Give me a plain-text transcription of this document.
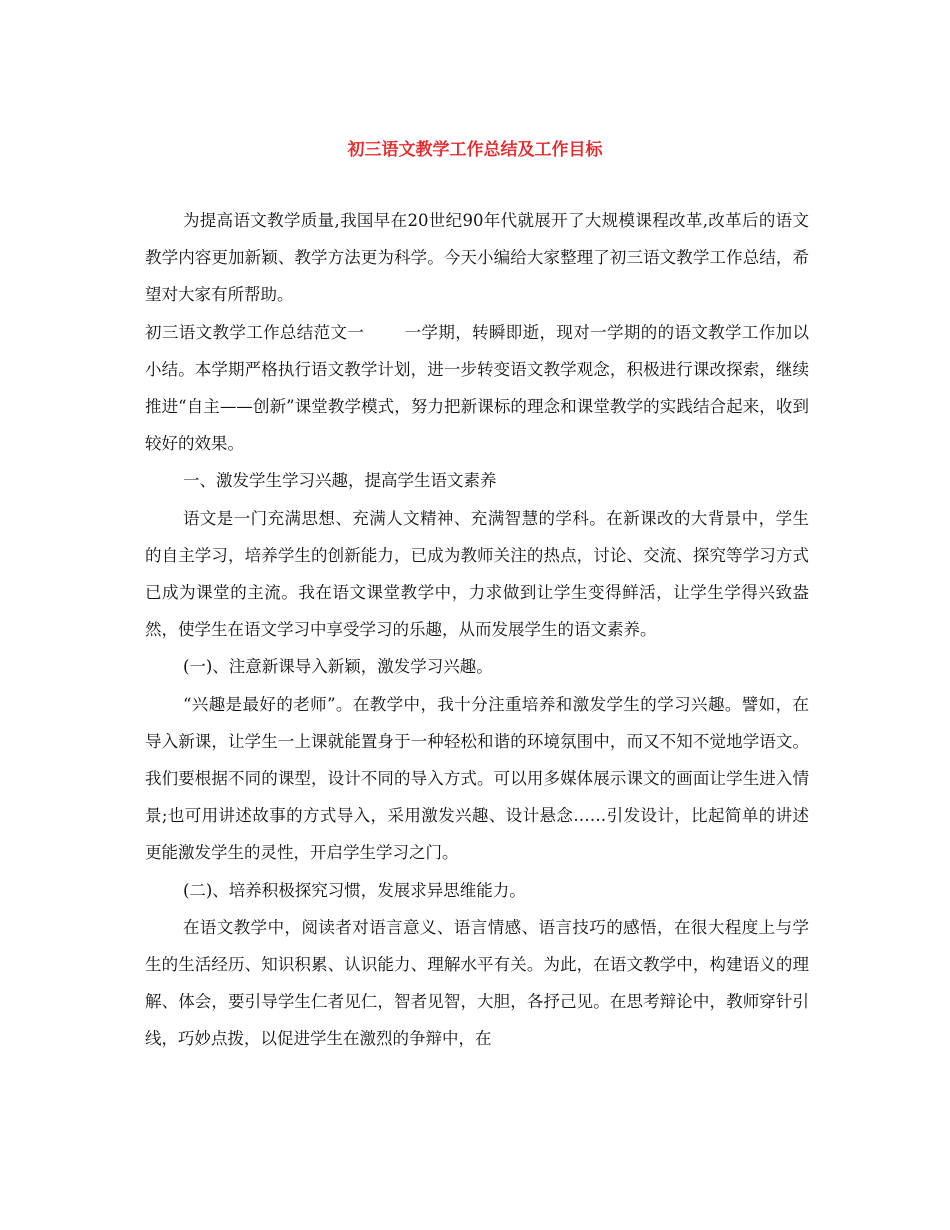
初三语文教学工作总结及工作目标

为提高语文教学质量,我国早在20世纪90年代就展开了大规模课程改革,改革后的语文教学内容更加新颖、教学方法更为科学。今天小编给大家整理了初三语文教学工作总结，希望对大家有所帮助。

初三语文教学工作总结范文一 一学期，转瞬即逝，现对一学期的的语文教学工作加以小结。本学期严格执行语文教学计划，进一步转变语文教学观念，积极进行课改探索，继续推进“自主——创新”课堂教学模式，努力把新课标的理念和课堂教学的实践结合起来，收到较好的效果。

一、激发学生学习兴趣，提高学生语文素养

语文是一门充满思想、充满人文精神、充满智慧的学科。在新课改的大背景中，学生的自主学习，培养学生的创新能力，已成为教师关注的热点，讨论、交流、探究等学习方式已成为课堂的主流。我在语文课堂教学中，力求做到让学生变得鲜活，让学生学得兴致盎然，使学生在语文学习中享受学习的乐趣，从而发展学生的语文素养。

(一)、注意新课导入新颖，激发学习兴趣。

“兴趣是最好的老师”。在教学中，我十分注重培养和激发学生的学习兴趣。譬如，在导入新课，让学生一上课就能置身于一种轻松和谐的环境氛围中，而又不知不觉地学语文。我们要根据不同的课型，设计不同的导入方式。可以用多媒体展示课文的画面让学生进入情景;也可用讲述故事的方式导入，采用激发兴趣、设计悬念……引发设计，比起简单的讲述更能激发学生的灵性，开启学生学习之门。

(二)、培养积极探究习惯，发展求异思维能力。

在语文教学中，阅读者对语言意义、语言情感、语言技巧的感悟，在很大程度上与学生的生活经历、知识积累、认识能力、理解水平有关。为此，在语文教学中，构建语义的理解、体会，要引导学生仁者见仁，智者见智，大胆，各抒己见。在思考辩论中，教师穿针引线，巧妙点拨，以促进学生在激烈的争辩中，在
